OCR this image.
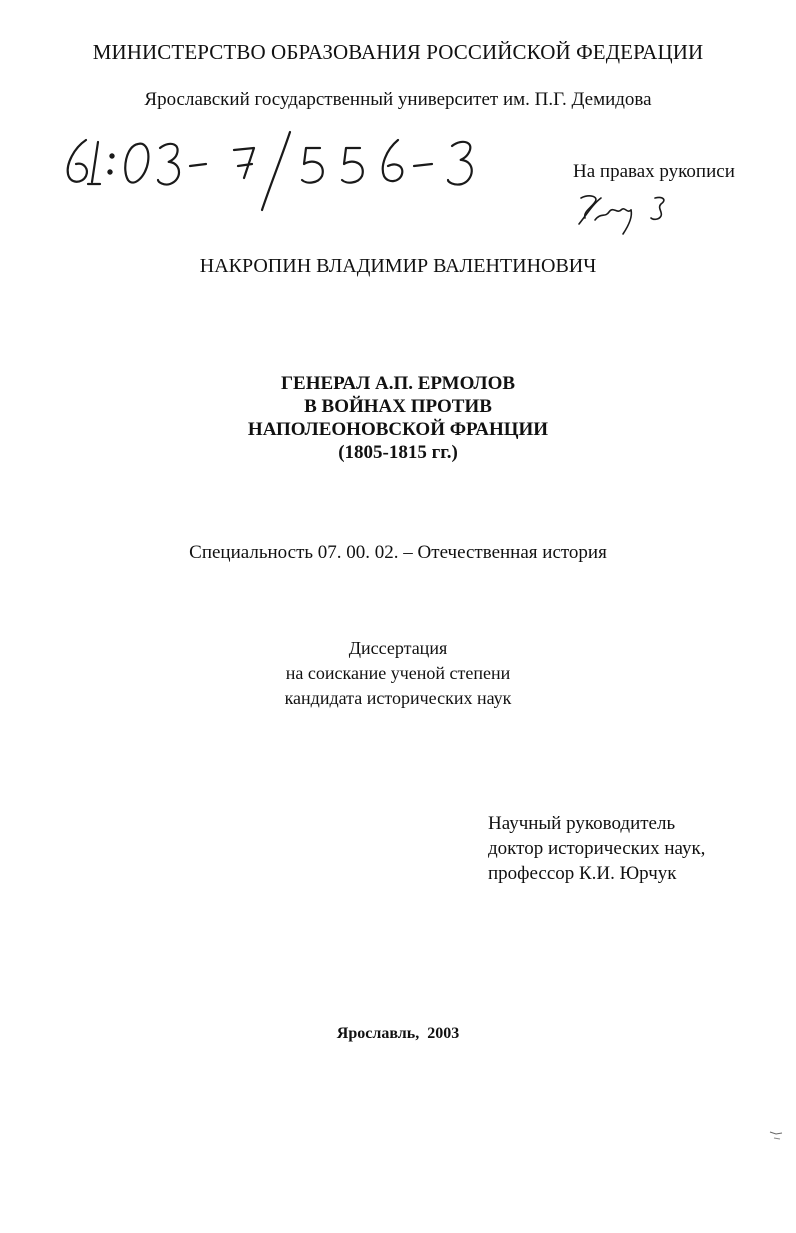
МИНИСТЕРСТВО ОБРАЗОВАНИЯ РОССИЙСКОЙ ФЕДЕРАЦИИ
Ярославский государственный университет им. П.Г. Демидова
На правах рукописи
НАКРОПИН ВЛАДИМИР ВАЛЕНТИНОВИЧ
ГЕНЕРАЛ А.П. ЕРМОЛОВ
В ВОЙНАХ ПРОТИВ
НАПОЛЕОНОВСКОЙ ФРАНЦИИ
(1805-1815 гг.)
Специальность 07. 00. 02. – Отечественная история
Диссертация
на соискание ученой степени
кандидата исторических наук
Научный руководитель
доктор исторических наук,
профессор К.И. Юрчук
Ярославль,  2003
